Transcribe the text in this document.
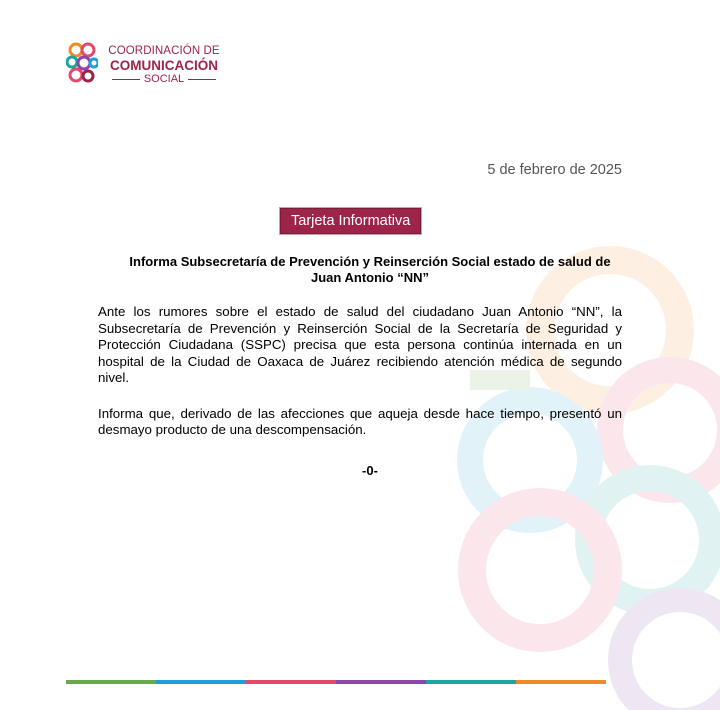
COORDINACIÓN DE
COMUNICACIÓN
SOCIAL
5 de febrero de 2025
Tarjeta Informativa
Informa Subsecretaría de Prevención y Reinserción Social estado de salud de Juan Antonio “NN”

Ante los rumores sobre el estado de salud del ciudadano Juan Antonio “NN”, la Subsecretaría de Prevención y Reinserción Social de la Secretaría de Seguridad y Protección Ciudadana (SSPC) precisa que esta persona continúa internada en un hospital de la Ciudad de Oaxaca de Juárez recibiendo atención médica de segundo nivel.

Informa que, derivado de las afecciones que aqueja desde hace tiempo, presentó un desmayo producto de una descompensación.

-0-
